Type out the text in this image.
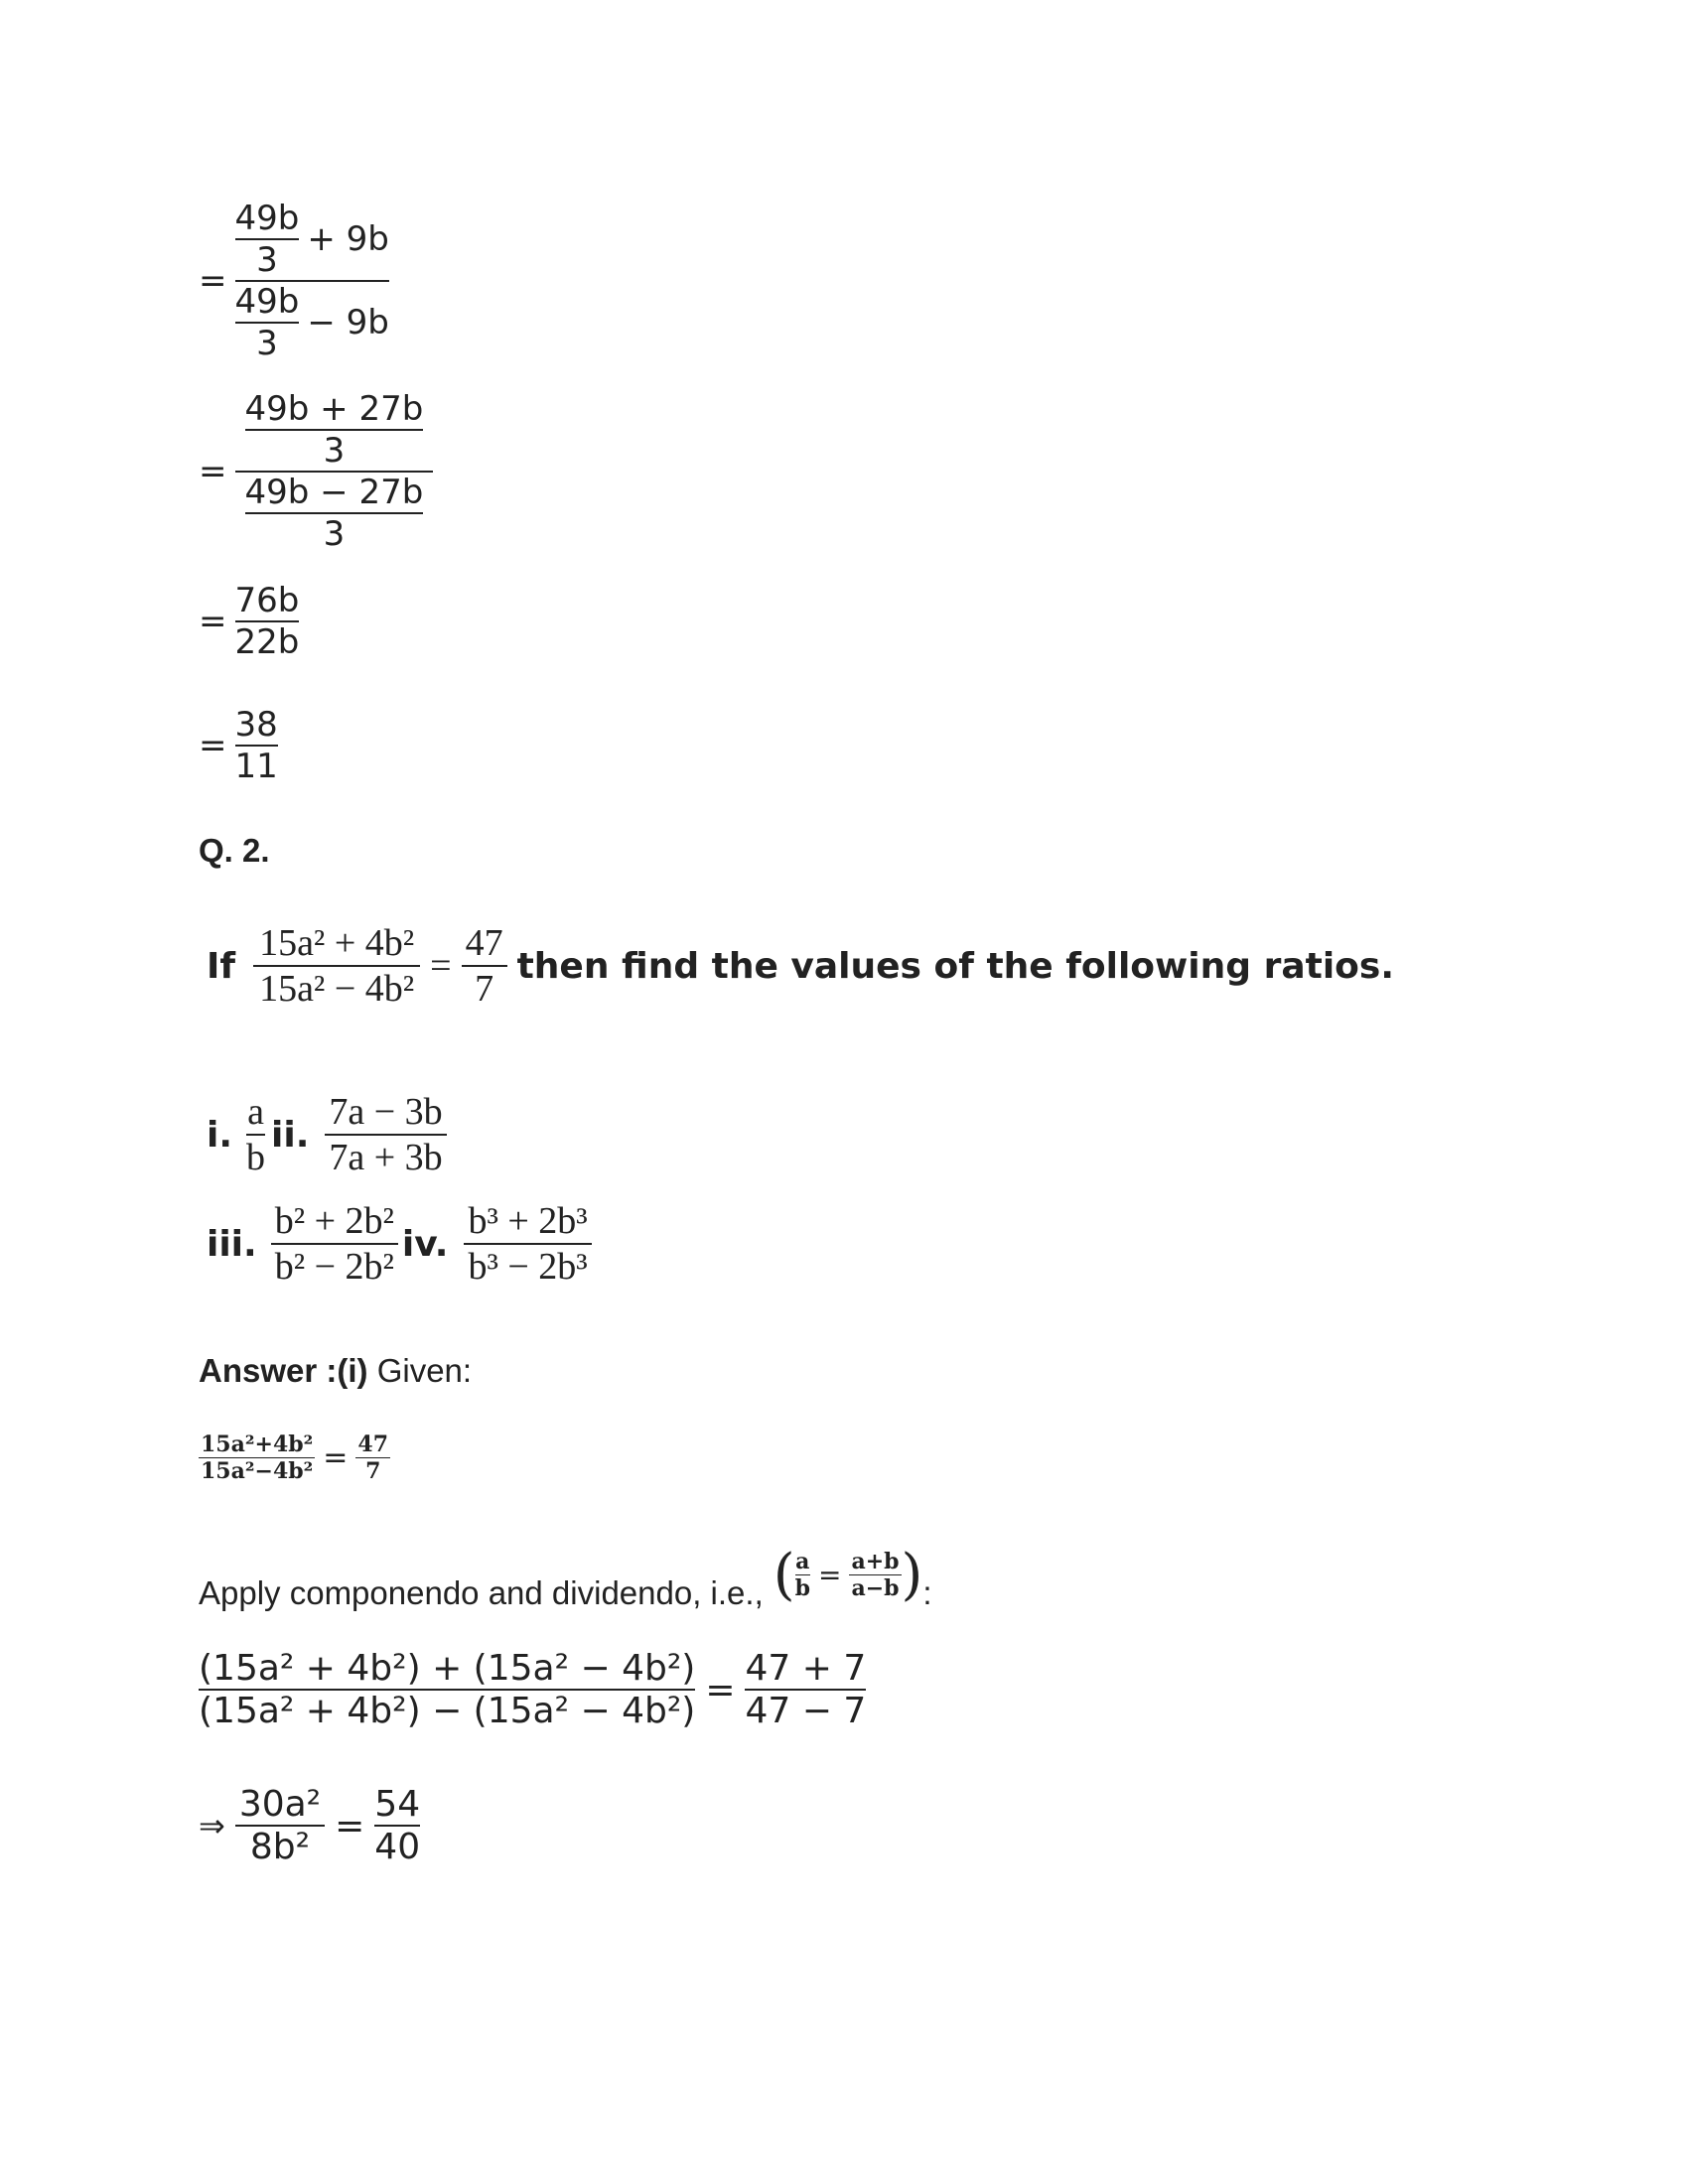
= $\frac{\frac{49b}{3} + 9b}{\frac{49b}{3} - 9b}$
= $\frac{\frac{49b + 27b}{3}}{\frac{49b - 27b}{3}}$
= $\frac{76b}{22b}$
= $\frac{38}{11}$
Q. 2.
If $\frac{\text{15a² + 4b²}}{\text{15a² − 4b²}} = \frac{47}{7}$ then find the values of the following ratios.
i. $\frac{a}{b}$ ii. $\frac{7a - 3b}{7a + 3b}$
iii. $\frac{\text{b² + 2b²}}{\text{b² − 2b²}}$ iv. $\frac{\text{b³ + 2b³}}{\text{b³ − 2b³}}$
Answer :(i) Given:
$\frac{\text{15a²+4b²}}{\text{15a²−4b²}} = \frac{47}{7}$
Apply componendo and dividendo, i.e., ( $\frac{a}{b} = \frac{a+b}{a-b}$ ) :
$\frac{\text{(15a² + 4b²) + (15a² − 4b²)}}{\text{(15a² + 4b²) − (15a² − 4b²)}} = \frac{47 + 7}{47 - 7}$
⇒ $\frac{\text{30a²}}{\text{8b²}} = \frac{54}{40}$
